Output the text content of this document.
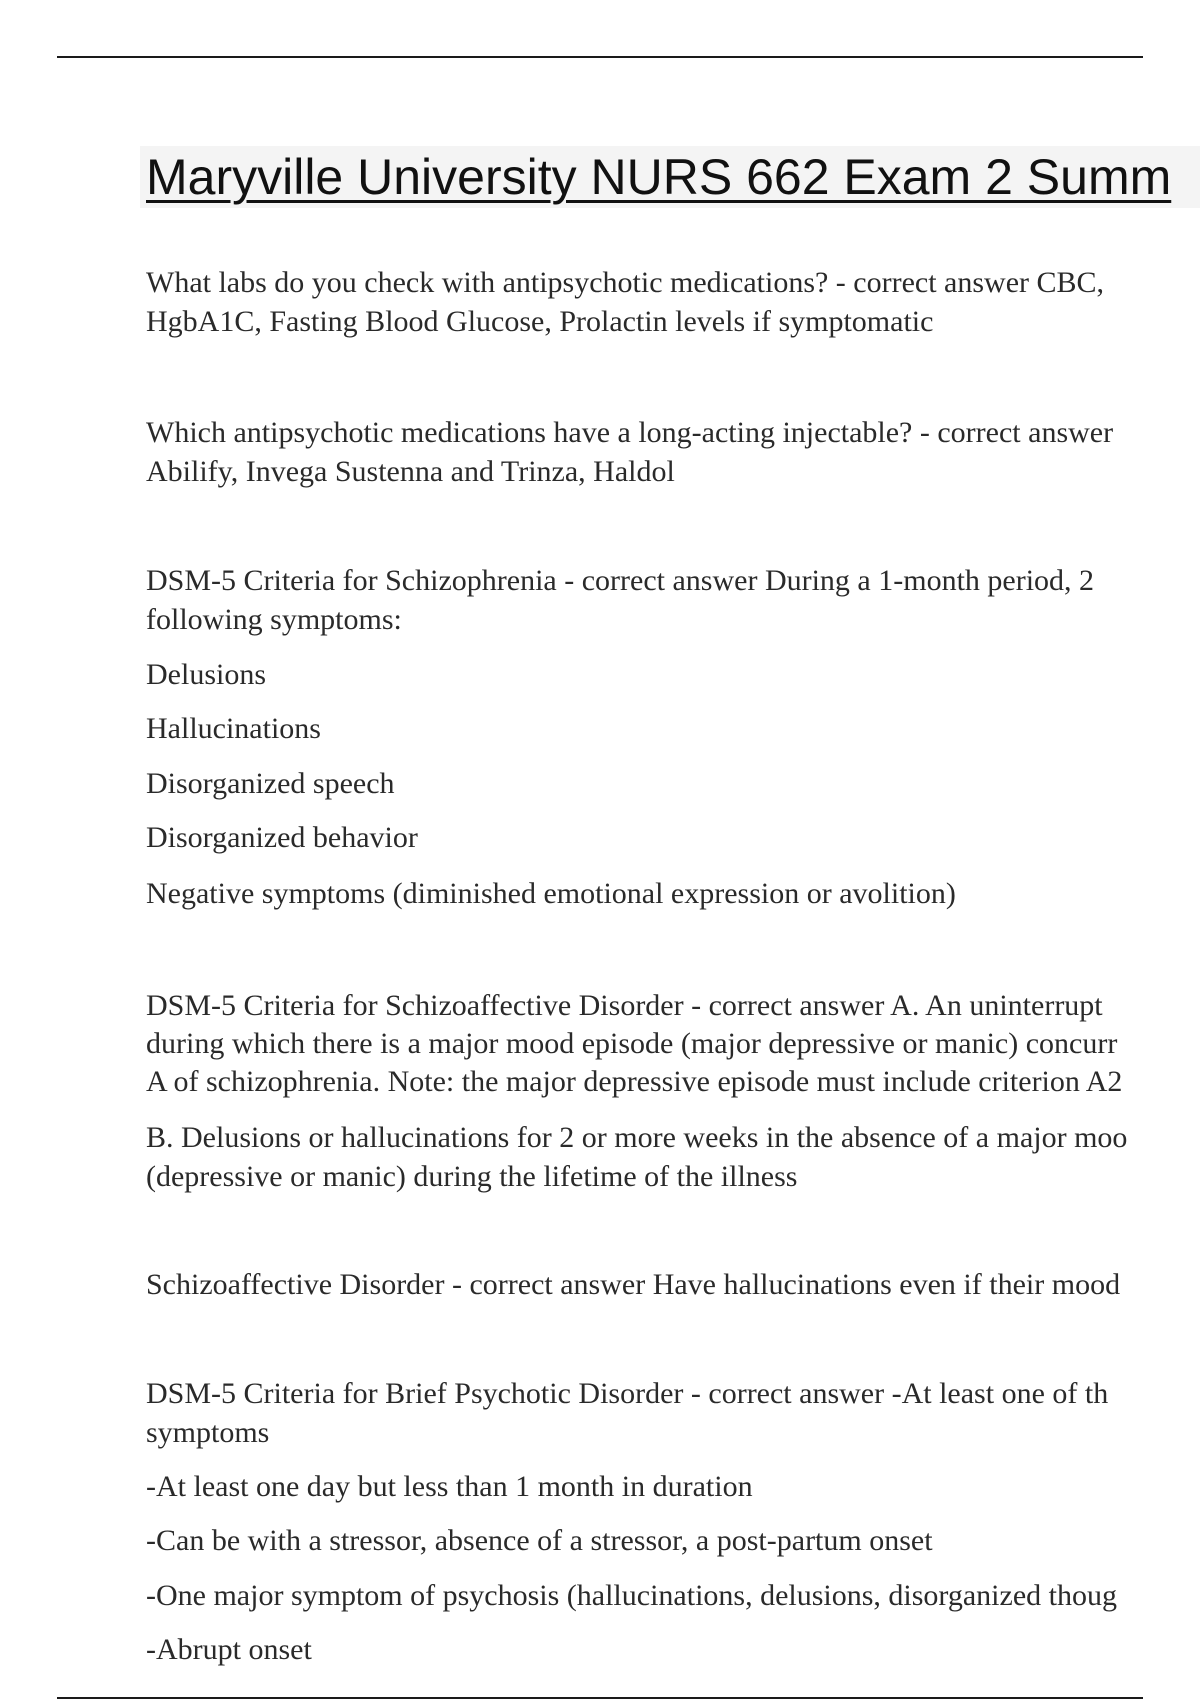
Maryville University NURS 662 Exam 2 Summ
What labs do you check with antipsychotic medications? - correct answer CBC,
HgbA1C, Fasting Blood Glucose, Prolactin levels if symptomatic
Which antipsychotic medications have a long-acting injectable? - correct answer
Abilify, Invega Sustenna and Trinza, Haldol
DSM-5 Criteria for Schizophrenia - correct answer During a 1-month period, 2
following symptoms:
Delusions
Hallucinations
Disorganized speech
Disorganized behavior
Negative symptoms (diminished emotional expression or avolition)
DSM-5 Criteria for Schizoaffective Disorder - correct answer A. An uninterrupt
during which there is a major mood episode (major depressive or manic) concurr
A of schizophrenia. Note: the major depressive episode must include criterion A2
B. Delusions or hallucinations for 2 or more weeks in the absence of a major moo
(depressive or manic) during the lifetime of the illness
Schizoaffective Disorder - correct answer Have hallucinations even if their mood
DSM-5 Criteria for Brief Psychotic Disorder - correct answer -At least one of th
symptoms
-At least one day but less than 1 month in duration
-Can be with a stressor, absence of a stressor, a post-partum onset
-One major symptom of psychosis (hallucinations, delusions, disorganized thoug
-Abrupt onset
